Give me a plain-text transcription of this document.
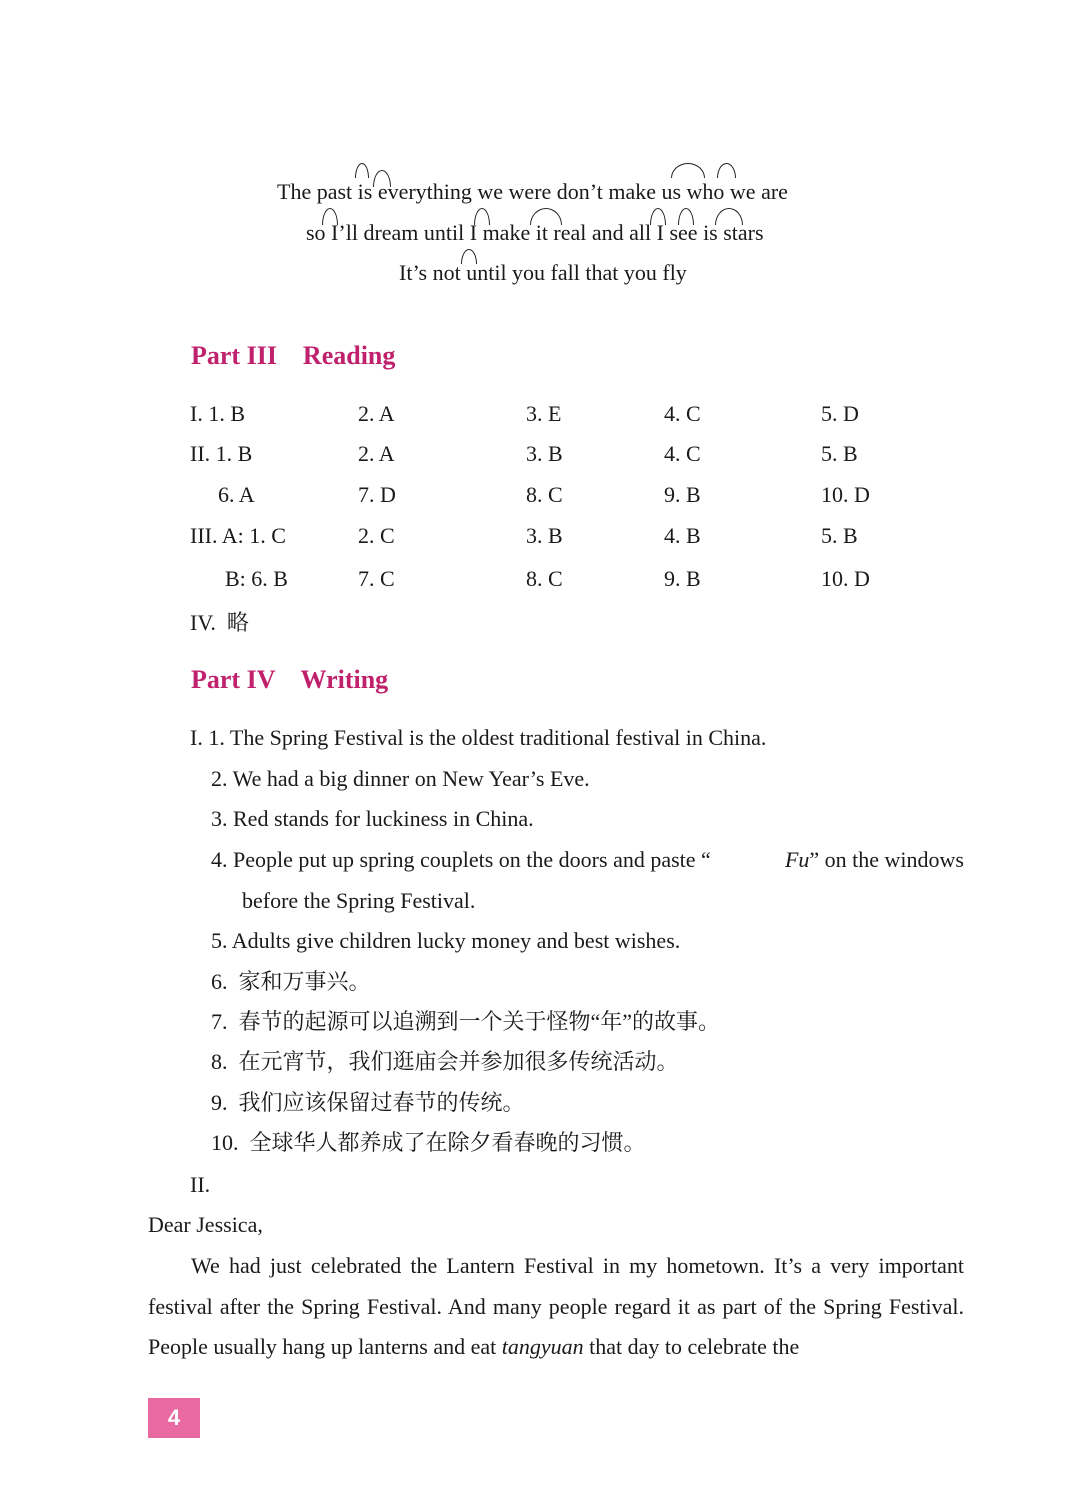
The past is everything we were don’t make us who we are
so I’ll dream until I make it real and all I see is stars
It’s not until you fall that you fly
Part III    Reading
I. 1. B	2. A	3. E	4. C	5. D
II. 1. B	2. A	3. B	4. C	5. B
6. A	7. D	8. C	9. B	10. D
III. A: 1. C	2. C	3. B	4. B	5. B
B: 6. B	7. C	8. C	9. B	10. D
IV.  略
Part IV    Writing
I. 1. The Spring Festival is the oldest traditional festival in China.
2. We had a big dinner on New Year’s Eve.
3. Red stands for luckiness in China.
4. People put up spring couplets on the doors and paste “	Fu” on the windows
before the Spring Festival.
5. Adults give children lucky money and best wishes.
6.  家和万事兴。
7.  春节的起源可以追溯到一个关于怪物“年”的故事。
8.  在元宵节，我们逛庙会并参加很多传统活动。
9.  我们应该保留过春节的传统。
10.  全球华人都养成了在除夕看春晚的习惯。
II.
Dear Jessica,
We had just celebrated the Lantern Festival in my hometown. It’s a very important festival after the Spring Festival. And many people regard it as part of the Spring Festival. People usually hang up lanterns and eat tangyuan that day to celebrate the
4
